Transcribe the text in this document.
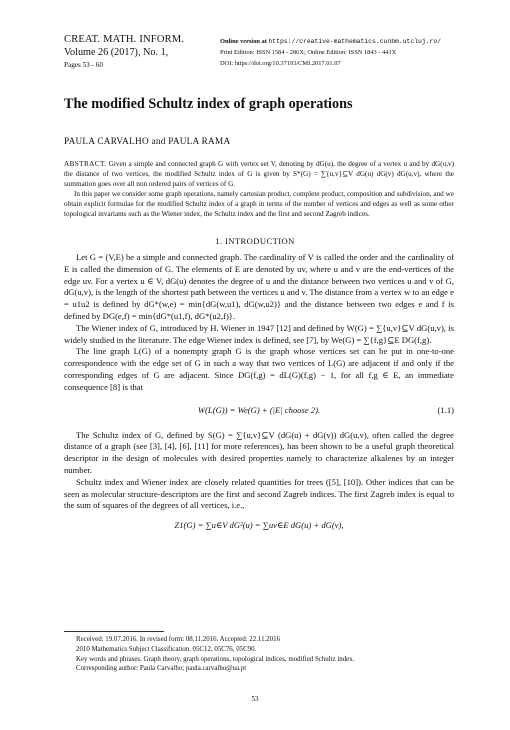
CREAT. MATH. INFORM.
Volume 26 (2017), No. 1,
Pages 53 - 60
Online version at https://creative-mathematics.cunbm.utcluj.ro/
Print Edition: ISSN 1584 - 286X; Online Edition: ISSN 1843 - 441X
DOI: https://doi.org/10.37193/CMI.2017.01.07
The modified Schultz index of graph operations
PAULA CARVALHO and PAULA RAMA

ABSTRACT. Given a simple and connected graph G with vertex set V, denoting by dG(u), the degree of a vertex u and by dG(u,v) the distance of two vertices, the modified Schultz index of G is given by S*(G) = ∑{u,v}⊆V dG(u) dG(v) dG(u,v), where the summation goes over all non ordered pairs of vertices of G.

In this paper we consider some graph operations, namely cartesian product, complete product, composition and subdivision, and we obtain explicit formulae for the modified Schultz index of a graph in terms of the number of vertices and edges as well as some other topological invariants such as the Wiener index, the Schultz index and the first and second Zagreb indices.

1. INTRODUCTION

Let G = (V,E) be a simple and connected graph. The cardinality of V is called the order and the cardinality of E is called the dimension of G. The elements of E are denoted by uv, where u and v are the end-vertices of the edge uv. For a vertex u ∈ V, dG(u) denotes the degree of u and the distance between two vertices u and v of G, dG(u,v), is the length of the shortest path between the vertices u and v. The distance from a vertex w to an edge e = u1u2 is defined by dG*(w,e) = min{dG(w,u1), dG(w,u2)} and the distance between two edges e and f is defined by DG(e,f) = min{dG*(u1,f), dG*(u2,f)}.

The Wiener index of G, introduced by H. Wiener in 1947 [12] and defined by W(G) = ∑{u,v}⊆V dG(u,v), is widely studied in the literature. The edge Wiener index is defined, see [7], by We(G) = ∑{f,g}⊆E DG(f,g).

The line graph L(G) of a nonempty graph G is the graph whose vertices set can be put in one-to-one correspondence with the edge set of G in such a way that two vertices of L(G) are adjacent if and only if the corresponding edges of G are adjacent. Since DG(f,g) = dL(G)(f,g) − 1, for all f,g ∈ E, an immediate consequence [8] is that

W(L(G)) = We(G) + (|E| choose 2).	(1.1)

The Schultz index of G, defined by S(G) = ∑{u,v}⊆V (dG(u) + dG(v)) dG(u,v), often called the degree distance of a graph (see [3], [4], [6], [11] for more references), has been shown to be a useful graph theoretical descriptor in the design of molecules with desired properties namely to characterize alkalenes by an integer number.

Schultz index and Wiener index are closely related quantities for trees ([5], [10]). Other indices that can be seen as molecular structure-descriptors are the first and second Zagreb indices. The first Zagreb index is equal to the sum of squares of the degrees of all vertices, i.e.,

Z1(G) = ∑u∈V dG²(u) = ∑uv∈E dG(u) + dG(v),
Received: 19.07.2016. In revised form: 08.11.2016. Accepted: 22.11.2016
2010 Mathematics Subject Classification. 05C12, 05C76, 05C90.
Key words and phrases. Graph theory, graph operations, topological indices, modified Schultz index.
Corresponding author: Paula Carvalho; paula.carvalho@ua.pt
53
